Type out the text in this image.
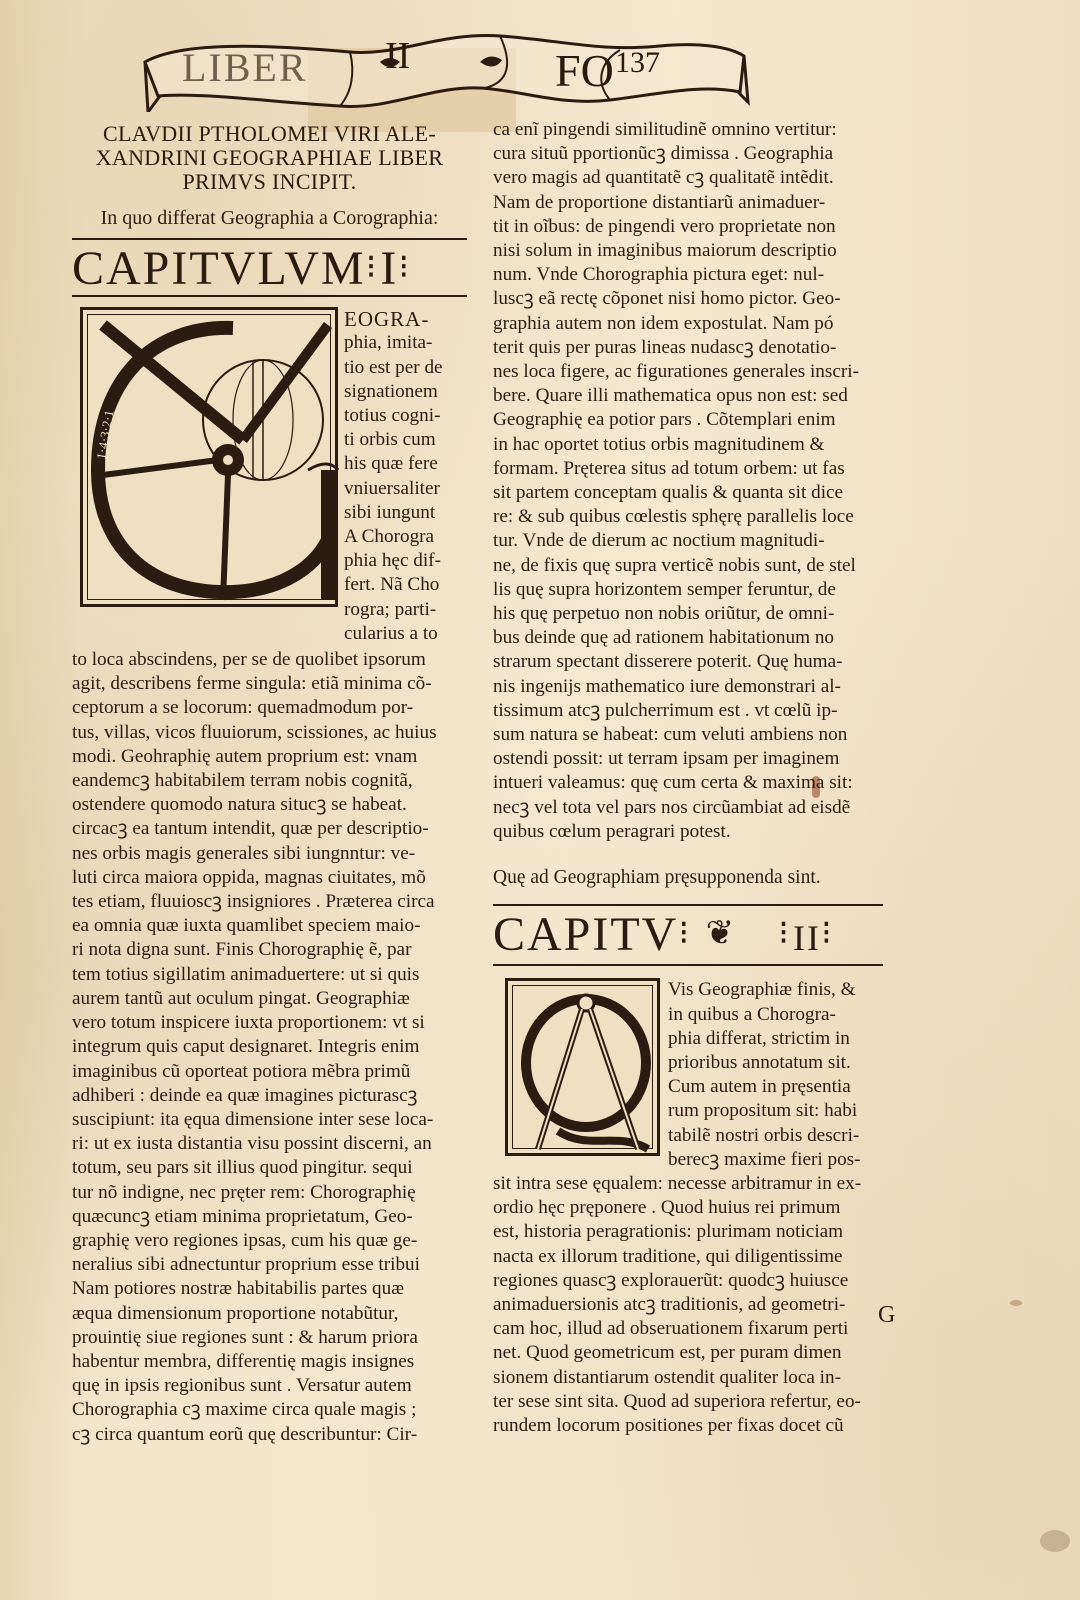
LIBER II	FO 137
CLAVDII PTHOLOMEI VIRI ALE-
XANDRINI GEOGRAPHIAE LIBER
PRIMVS INCIPIT.
In quo differat Geographia a Corographia:
CAPITVLVM⁝I⁝
1·4·3·2·1
EOGRA-
phia, imita-
tio est per de
signationem
totius cogni-
ti orbis cum
his quæ fere
vniuersaliter
sibi iungunt
A Chorogra
phia hęc dif-
fert. Nã Cho
rogra; parti-
cularius a to
to loca abscindens, per se de quolibet ipsorum
agit, describens ferme singula: etiã minima cõ-
ceptorum a se locorum: quemadmodum por-
tus, villas, vicos fluuiorum, scissiones, ac huius
modi. Geohraphię autem proprium est: vnam
eandemcꝫ habitabilem terram nobis cognitã,
ostendere quomodo natura situcꝫ se habeat.
circacꝫ ea tantum intendit, quæ per descriptio-
nes orbis magis generales sibi iungnntur: ve-
luti circa maiora oppida, magnas ciuitates, mõ
tes etiam, fluuioscꝫ insigniores . Præterea circa
ea omnia quæ iuxta quamlibet speciem maio-
ri nota digna sunt. Finis Chorographię ẽ, par
tem totius sigillatim animaduertere: ut si quis
aurem tantũ aut oculum pingat. Geographiæ
vero totum inspicere iuxta proportionem: vt si
integrum quis caput designaret. Integris enim
imaginibus cũ oporteat potiora mẽbra primũ
adhiberi : deinde ea quæ imagines picturascꝫ
suscipiunt: ita ęqua dimensione inter sese loca-
ri: ut ex iusta distantia visu possint discerni, an
totum, seu pars sit illius quod pingitur. sequi
tur nõ indigne, nec pręter rem: Chorographię
quæcuncꝫ etiam minima proprietatum, Geo-
graphię vero regiones ipsas, cum his quæ ge-
neralius sibi adnectuntur proprium esse tribui
Nam potiores nostræ habitabilis partes quæ
æqua dimensionum proportione notabũtur,
prouintię siue regiones sunt : & harum priora
habentur membra, differentię magis insignes
quę in ipsis regionibus sunt . Versatur autem
Chorographia cꝫ maxime circa quale magis ;
cꝫ circa quantum eorũ quę describuntur: Cir-
ca enĩ pingendi similitudinẽ omnino vertitur:
cura situũ pportionũcꝫ dimissa . Geographia
vero magis ad quantitatẽ cꝫ qualitatẽ intẽdit.
Nam de proportione distantiarũ animaduer-
tit in oĩbus: de pingendi vero proprietate non
nisi solum in imaginibus maiorum descriptio
num. Vnde Chorographia pictura eget: nul-
luscꝫ eã rectę cõponet nisi homo pictor. Geo-
graphia autem non idem expostulat. Nam pó
terit quis per puras lineas nudascꝫ denotatio-
nes loca figere, ac figurationes generales inscri-
bere. Quare illi mathematica opus non est: sed
Geographię ea potior pars . Cõtemplari enim
in hac oportet totius orbis magnitudinem &
formam. Pręterea situs ad totum orbem: ut fas
sit partem conceptam qualis & quanta sit dice
re: & sub quibus cœlestis sphęrę parallelis loce
tur. Vnde de dierum ac noctium magnitudi-
ne, de fixis quę supra verticẽ nobis sunt, de stel
lis quę supra horizontem semper feruntur, de
his quę perpetuo non nobis oriũtur, de omni-
bus deinde quę ad rationem habitationum no
strarum spectant disserere poterit. Quę huma-
nis ingenijs mathematico iure demonstrari al-
tissimum atcꝫ pulcherrimum est . vt cœlũ ip-
sum natura se habeat: cum veluti ambiens non
ostendi possit: ut terram ipsam per imaginem
intueri valeamus: quę cum certa & maxima sit:
necꝫ vel tota vel pars nos circũambiat ad eisdẽ
quibus cœlum peragrari potest.
Quę ad Geographiam pręsupponenda sint.
CAPITV⁝ ❦ ⁝II⁝
Vis Geographiæ finis, &
in quibus a Chorogra-
phia differat, strictim in
prioribus annotatum sit.
Cum autem in pręsentia
rum propositum sit: habi
tabilẽ nostri orbis descri-
berecꝫ maxime fieri pos-
sit intra sese ęqualem: necesse arbitramur in ex-
ordio hęc pręponere . Quod huius rei primum
est, historia peragrationis: plurimam noticiam
nacta ex illorum traditione, qui diligentissime
regiones quascꝫ explorauerũt: quodcꝫ huiusce
animaduersionis atcꝫ traditionis, ad geometri-
cam hoc, illud ad obseruationem fixarum perti
net. Quod geometricum est, per puram dimen
sionem distantiarum ostendit qualiter loca in-
ter sese sint sita. Quod ad superiora refertur, eo-
rundem locorum positiones per fixas docet cũ
G
